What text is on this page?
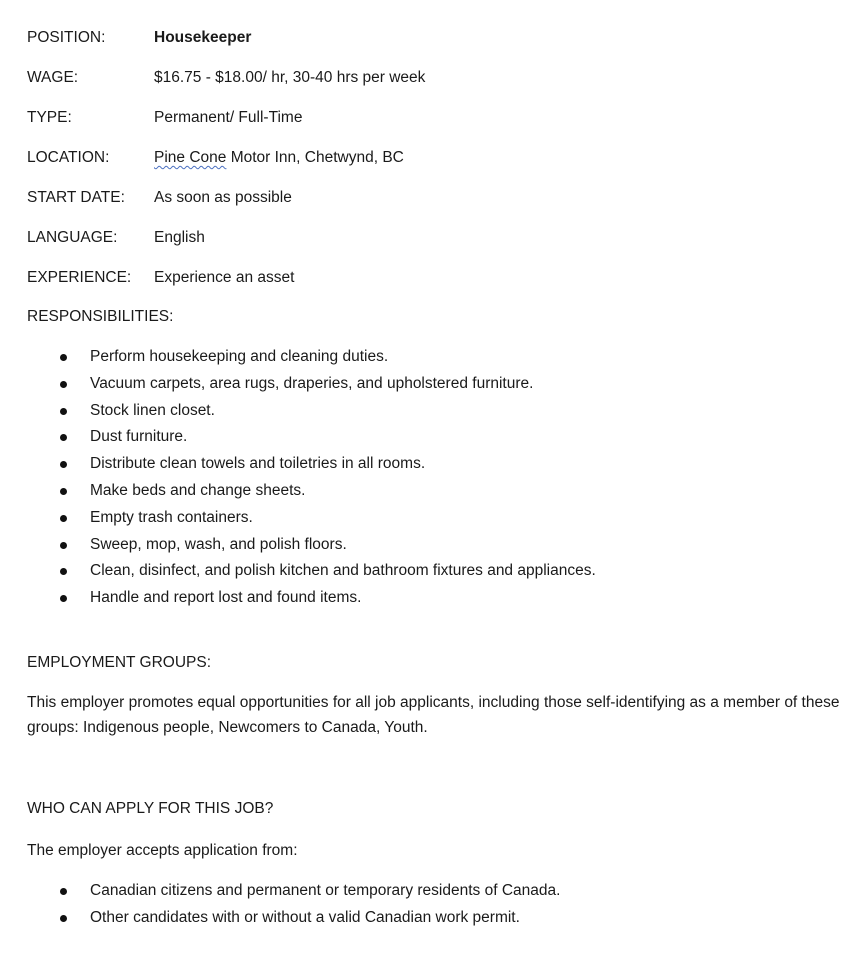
POSITION:	Housekeeper
WAGE:	$16.75 - $18.00/ hr, 30-40 hrs per week
TYPE:	Permanent/ Full-Time
LOCATION:	Pine Cone Motor Inn, Chetwynd, BC
START DATE:	As soon as possible
LANGUAGE:	English
EXPERIENCE:	Experience an asset
RESPONSIBILITIES:
Perform housekeeping and cleaning duties.
Vacuum carpets, area rugs, draperies, and upholstered furniture.
Stock linen closet.
Dust furniture.
Distribute clean towels and toiletries in all rooms.
Make beds and change sheets.
Empty trash containers.
Sweep, mop, wash, and polish floors.
Clean, disinfect, and polish kitchen and bathroom fixtures and appliances.
Handle and report lost and found items.
EMPLOYMENT GROUPS:

This employer promotes equal opportunities for all job applicants, including those self-identifying as a member of these groups: Indigenous people, Newcomers to Canada, Youth.

WHO CAN APPLY FOR THIS JOB?

The employer accepts application from:

Canadian citizens and permanent or temporary residents of Canada.
Other candidates with or without a valid Canadian work permit.
